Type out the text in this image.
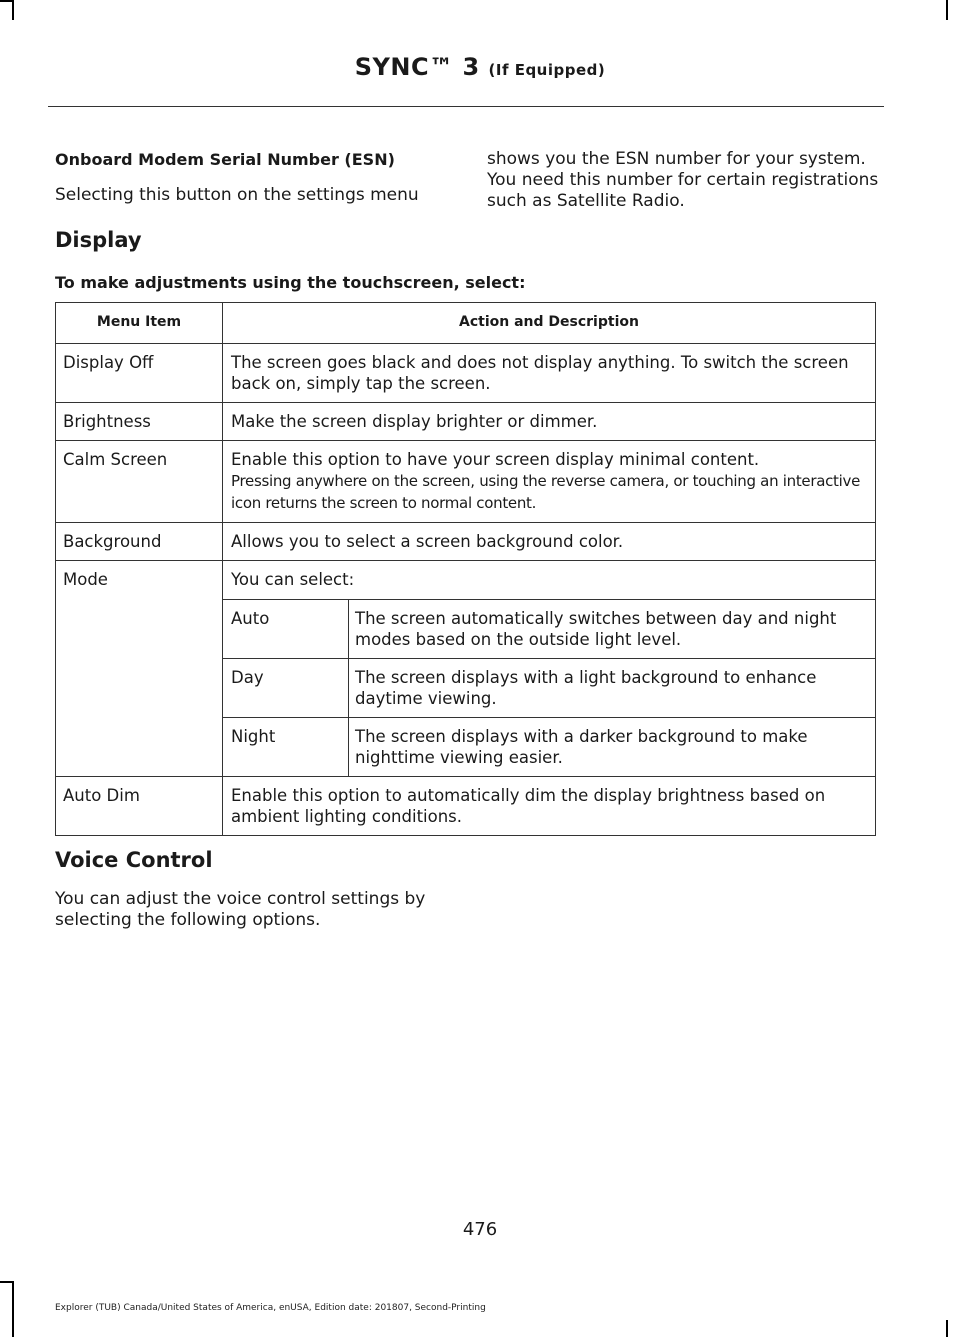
SYNC™ 3 (If Equipped)

Onboard Modem Serial Number (ESN)

Selecting this button on the settings menu

shows you the ESN number for your system. You need this number for certain registrations such as Satellite Radio.

Display

To make adjustments using the touchscreen, select:

Menu Item	Action and Description
Display Off	The screen goes black and does not display anything. To switch the screen back on, simply tap the screen.
Brightness	Make the screen display brighter or dimmer.
Calm Screen	Enable this option to have your screen display minimal content.
Pressing anywhere on the screen, using the reverse camera, or touching an interactive icon returns the screen to normal content.
Background	Allows you to select a screen background color.
Mode	You can select:
Auto	The screen automatically switches between day and night modes based on the outside light level.
Day	The screen displays with a light background to enhance daytime viewing.
Night	The screen displays with a darker background to make nighttime viewing easier.

Auto Dim	Enable this option to automatically dim the display brightness based on ambient lighting conditions.

Voice Control

You can adjust the voice control settings by selecting the following options.

476
Explorer (TUB) Canada/United States of America, enUSA, Edition date: 201807, Second-Printing
